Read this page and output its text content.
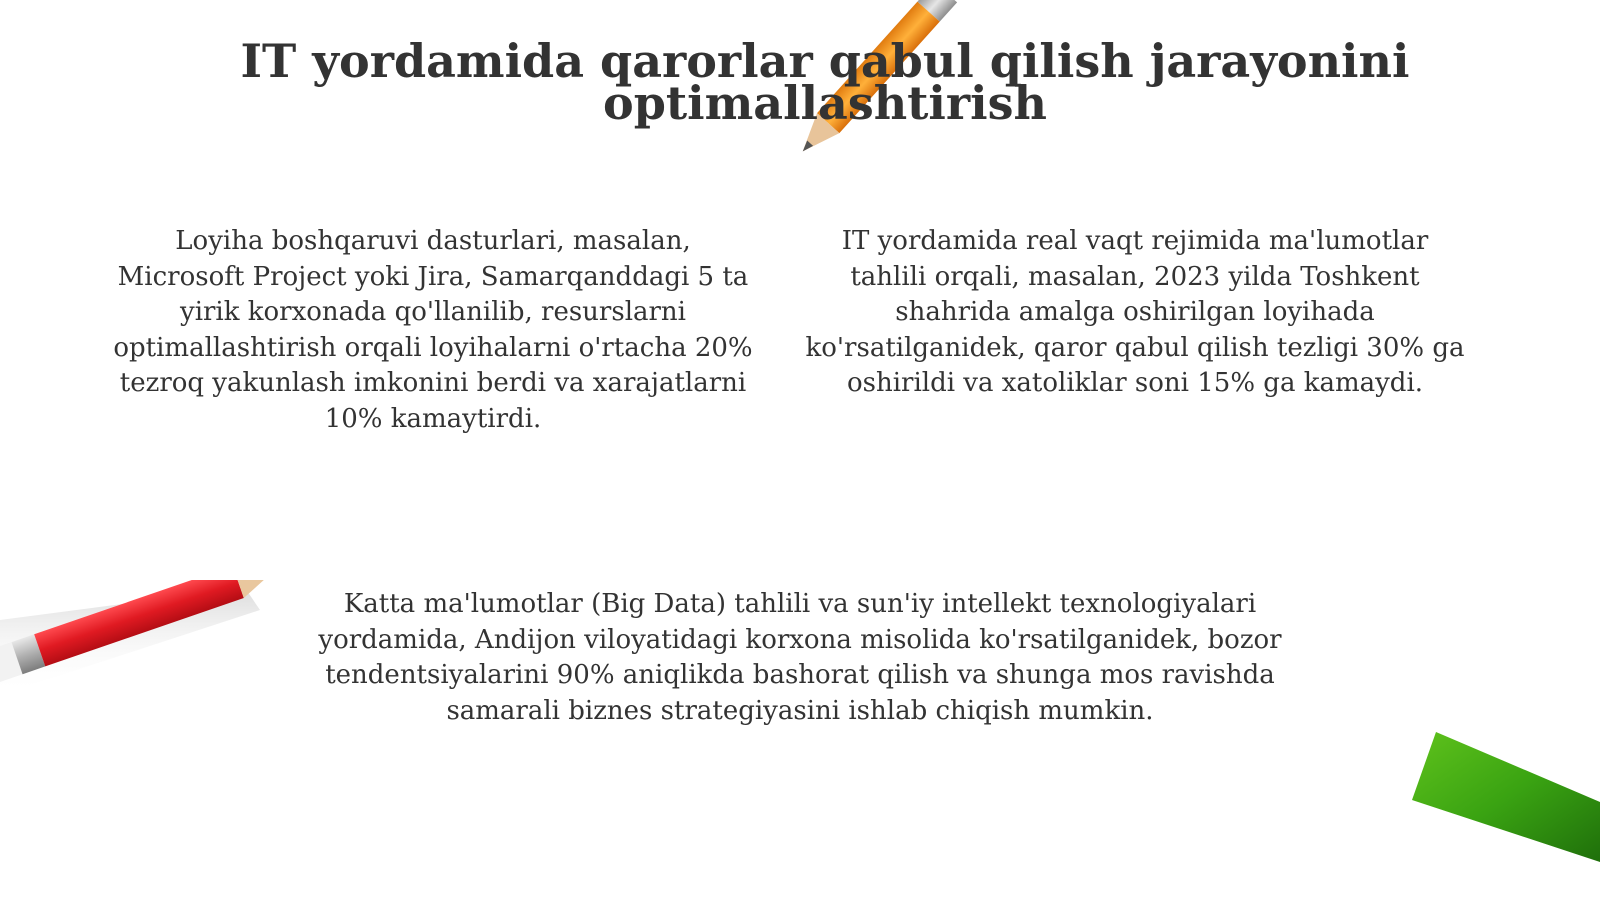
IT yordamida qarorlar qabul qilish jarayonini optimallashtirish

Loyiha boshqaruvi dasturlari, masalan, Microsoft Project yoki Jira, Samarqanddagi 5 ta yirik korxonada qo'llanilib, resurslarni optimallashtirish orqali loyihalarni o'rtacha 20% tezroq yakunlash imkonini berdi va xarajatlarni 10% kamaytirdi.

IT yordamida real vaqt rejimida ma'lumotlar tahlili orqali, masalan, 2023 yilda Toshkent shahrida amalga oshirilgan loyihada ko'rsatilganidek, qaror qabul qilish tezligi 30% ga oshirildi va xatoliklar soni 15% ga kamaydi.

Katta ma'lumotlar (Big Data) tahlili va sun'iy intellekt texnologiyalari yordamida, Andijon viloyatidagi korxona misolida ko'rsatilganidek, bozor tendentsiyalarini 90% aniqlikda bashorat qilish va shunga mos ravishda samarali biznes strategiyasini ishlab chiqish mumkin.
